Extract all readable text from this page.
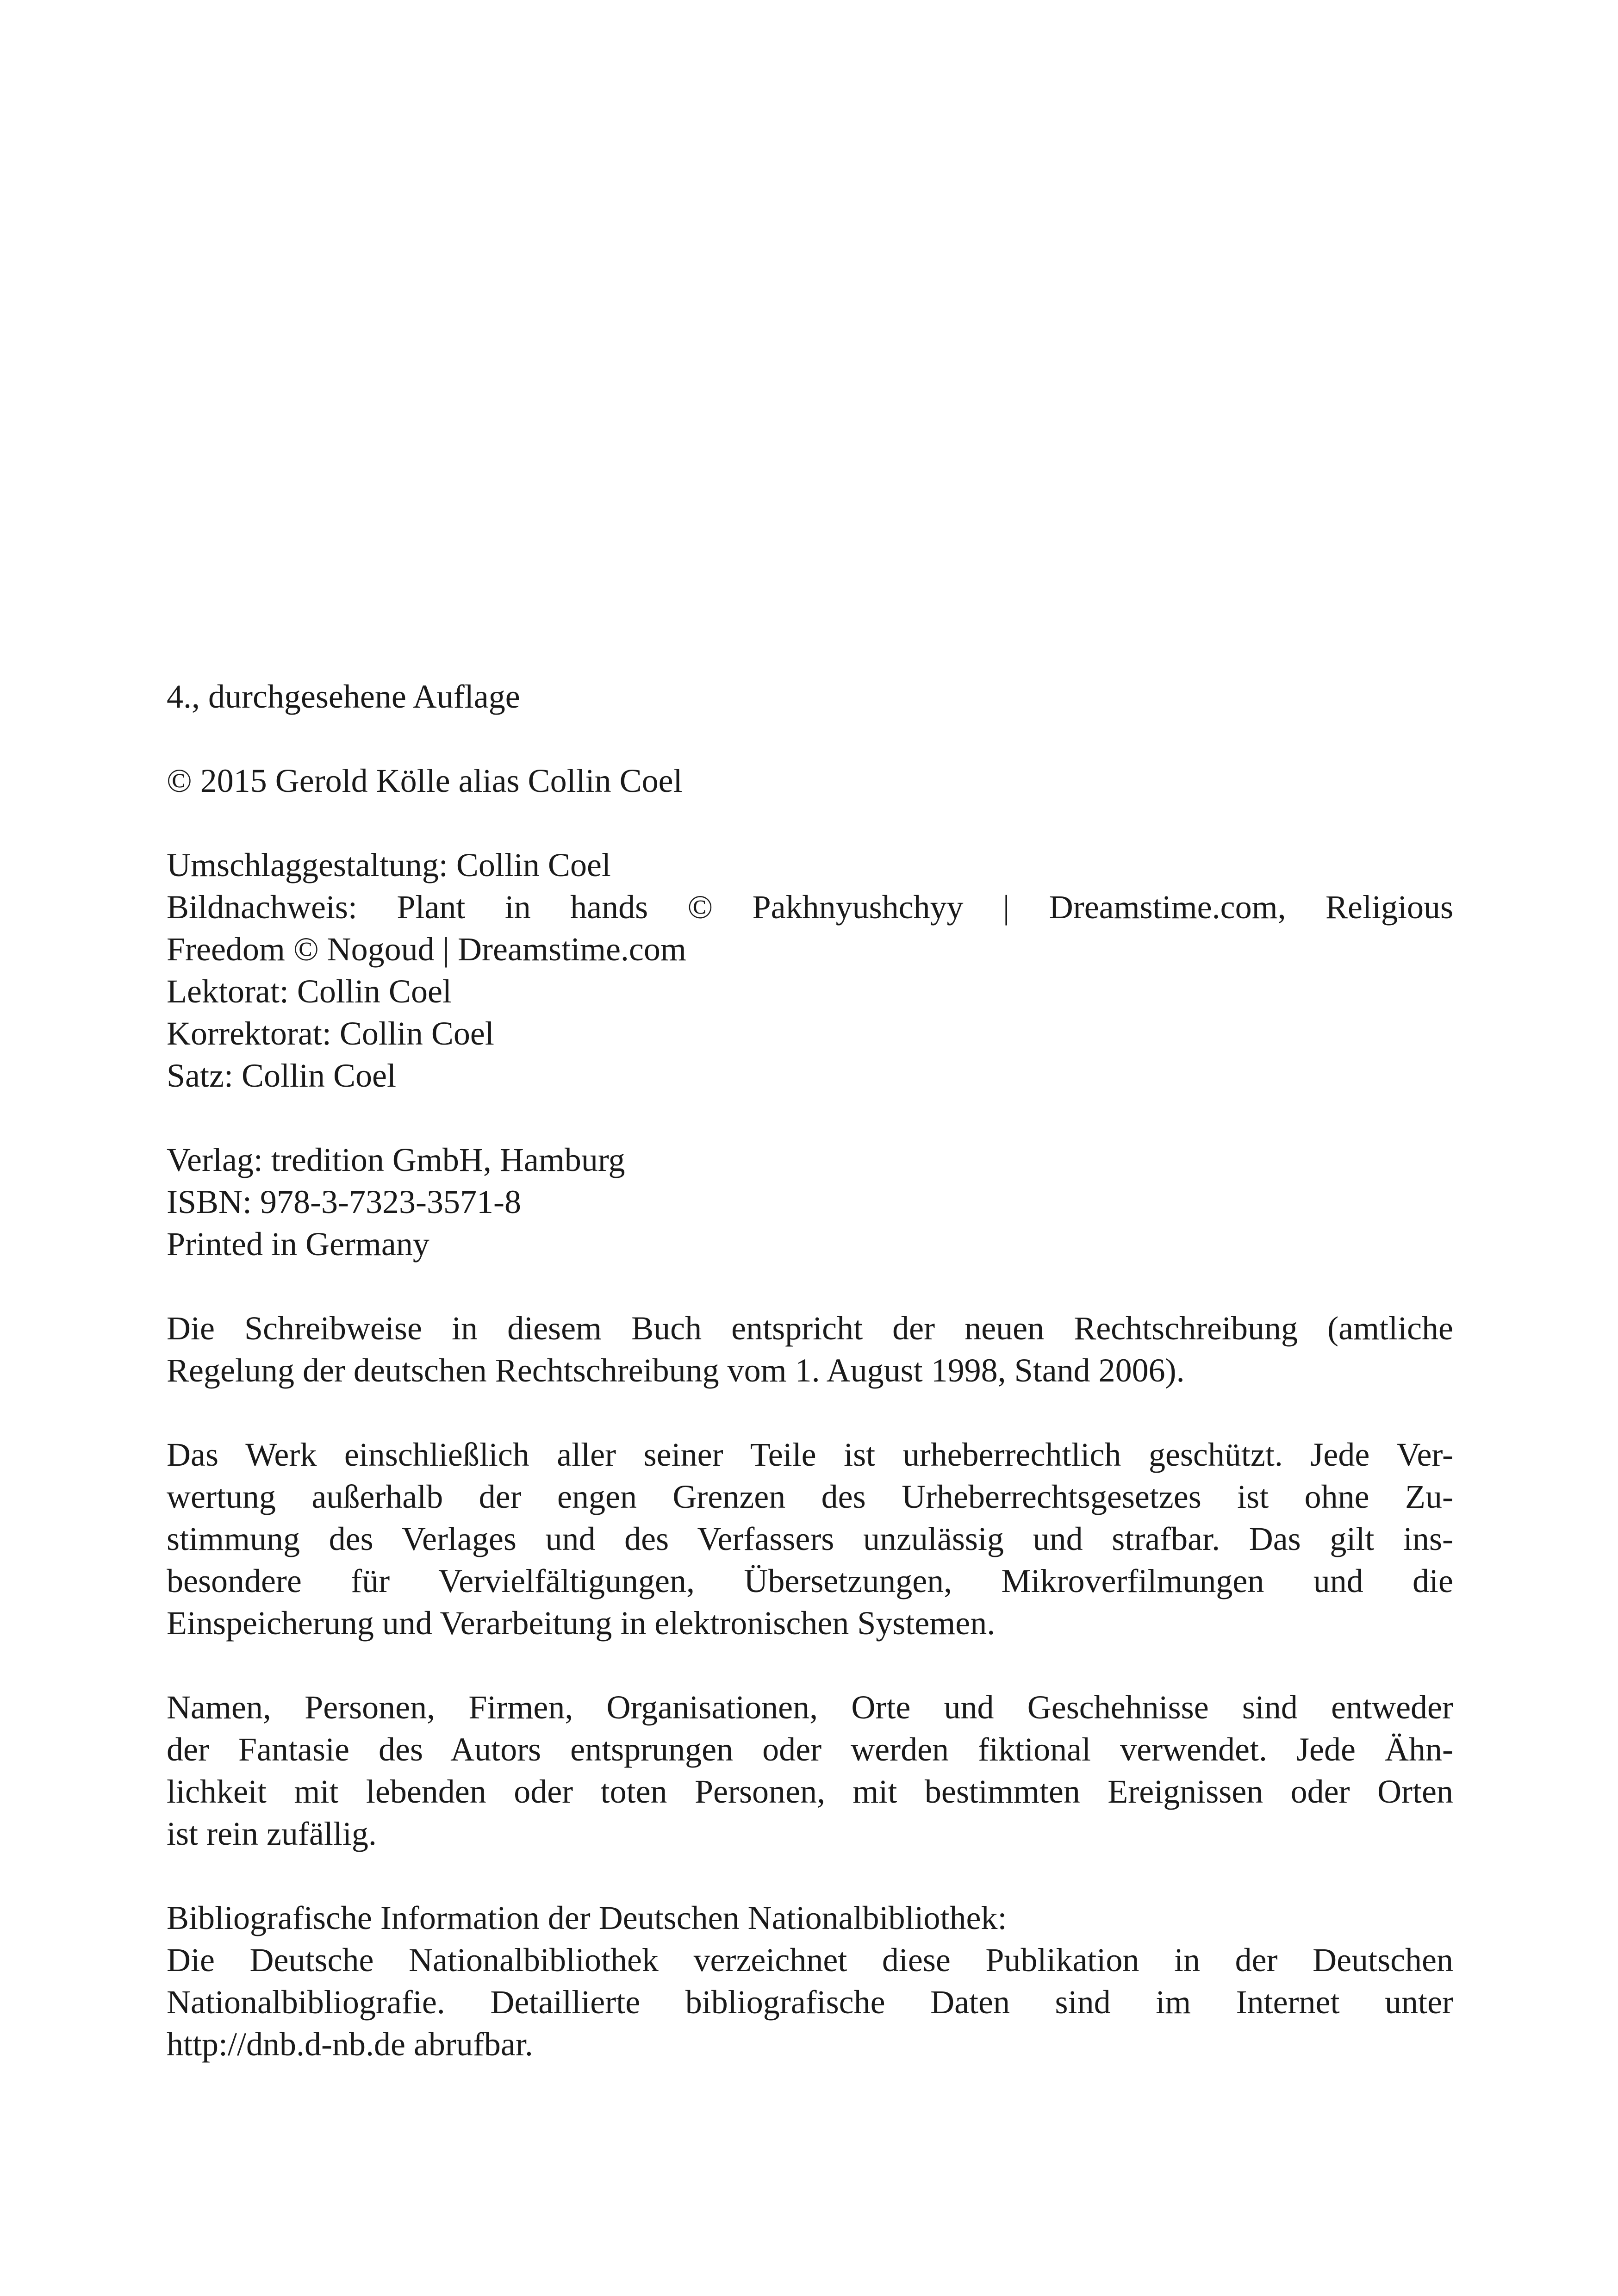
4., durchgesehene Auflage
© 2015 Gerold Kölle alias Collin Coel
Umschlaggestaltung: Collin Coel
Bildnachweis: Plant in hands © Pakhnyushchyy | Dreamstime.com, Religious
Freedom © Nogoud | Dreamstime.com
Lektorat: Collin Coel
Korrektorat: Collin Coel
Satz: Collin Coel
Verlag: tredition GmbH, Hamburg
ISBN: 978-3-7323-3571-8
Printed in Germany
Die Schreibweise in diesem Buch entspricht der neuen Rechtschreibung (amtliche
Regelung der deutschen Rechtschreibung vom 1. August 1998, Stand 2006).
Das Werk einschließlich aller seiner Teile ist urheberrechtlich geschützt. Jede Ver-
wertung außerhalb der engen Grenzen des Urheberrechtsgesetzes ist ohne Zu-
stimmung des Verlages und des Verfassers unzulässig und strafbar. Das gilt ins-
besondere für Vervielfältigungen, Übersetzungen, Mikroverfilmungen und die
Einspeicherung und Verarbeitung in elektronischen Systemen.
Namen, Personen, Firmen, Organisationen, Orte und Geschehnisse sind entweder
der Fantasie des Autors entsprungen oder werden fiktional verwendet. Jede Ähn-
lichkeit mit lebenden oder toten Personen, mit bestimmten Ereignissen oder Orten
ist rein zufällig.
Bibliografische Information der Deutschen Nationalbibliothek:
Die Deutsche Nationalbibliothek verzeichnet diese Publikation in der Deutschen
Nationalbibliografie. Detaillierte bibliografische Daten sind im Internet unter
http://dnb.d-nb.de abrufbar.
